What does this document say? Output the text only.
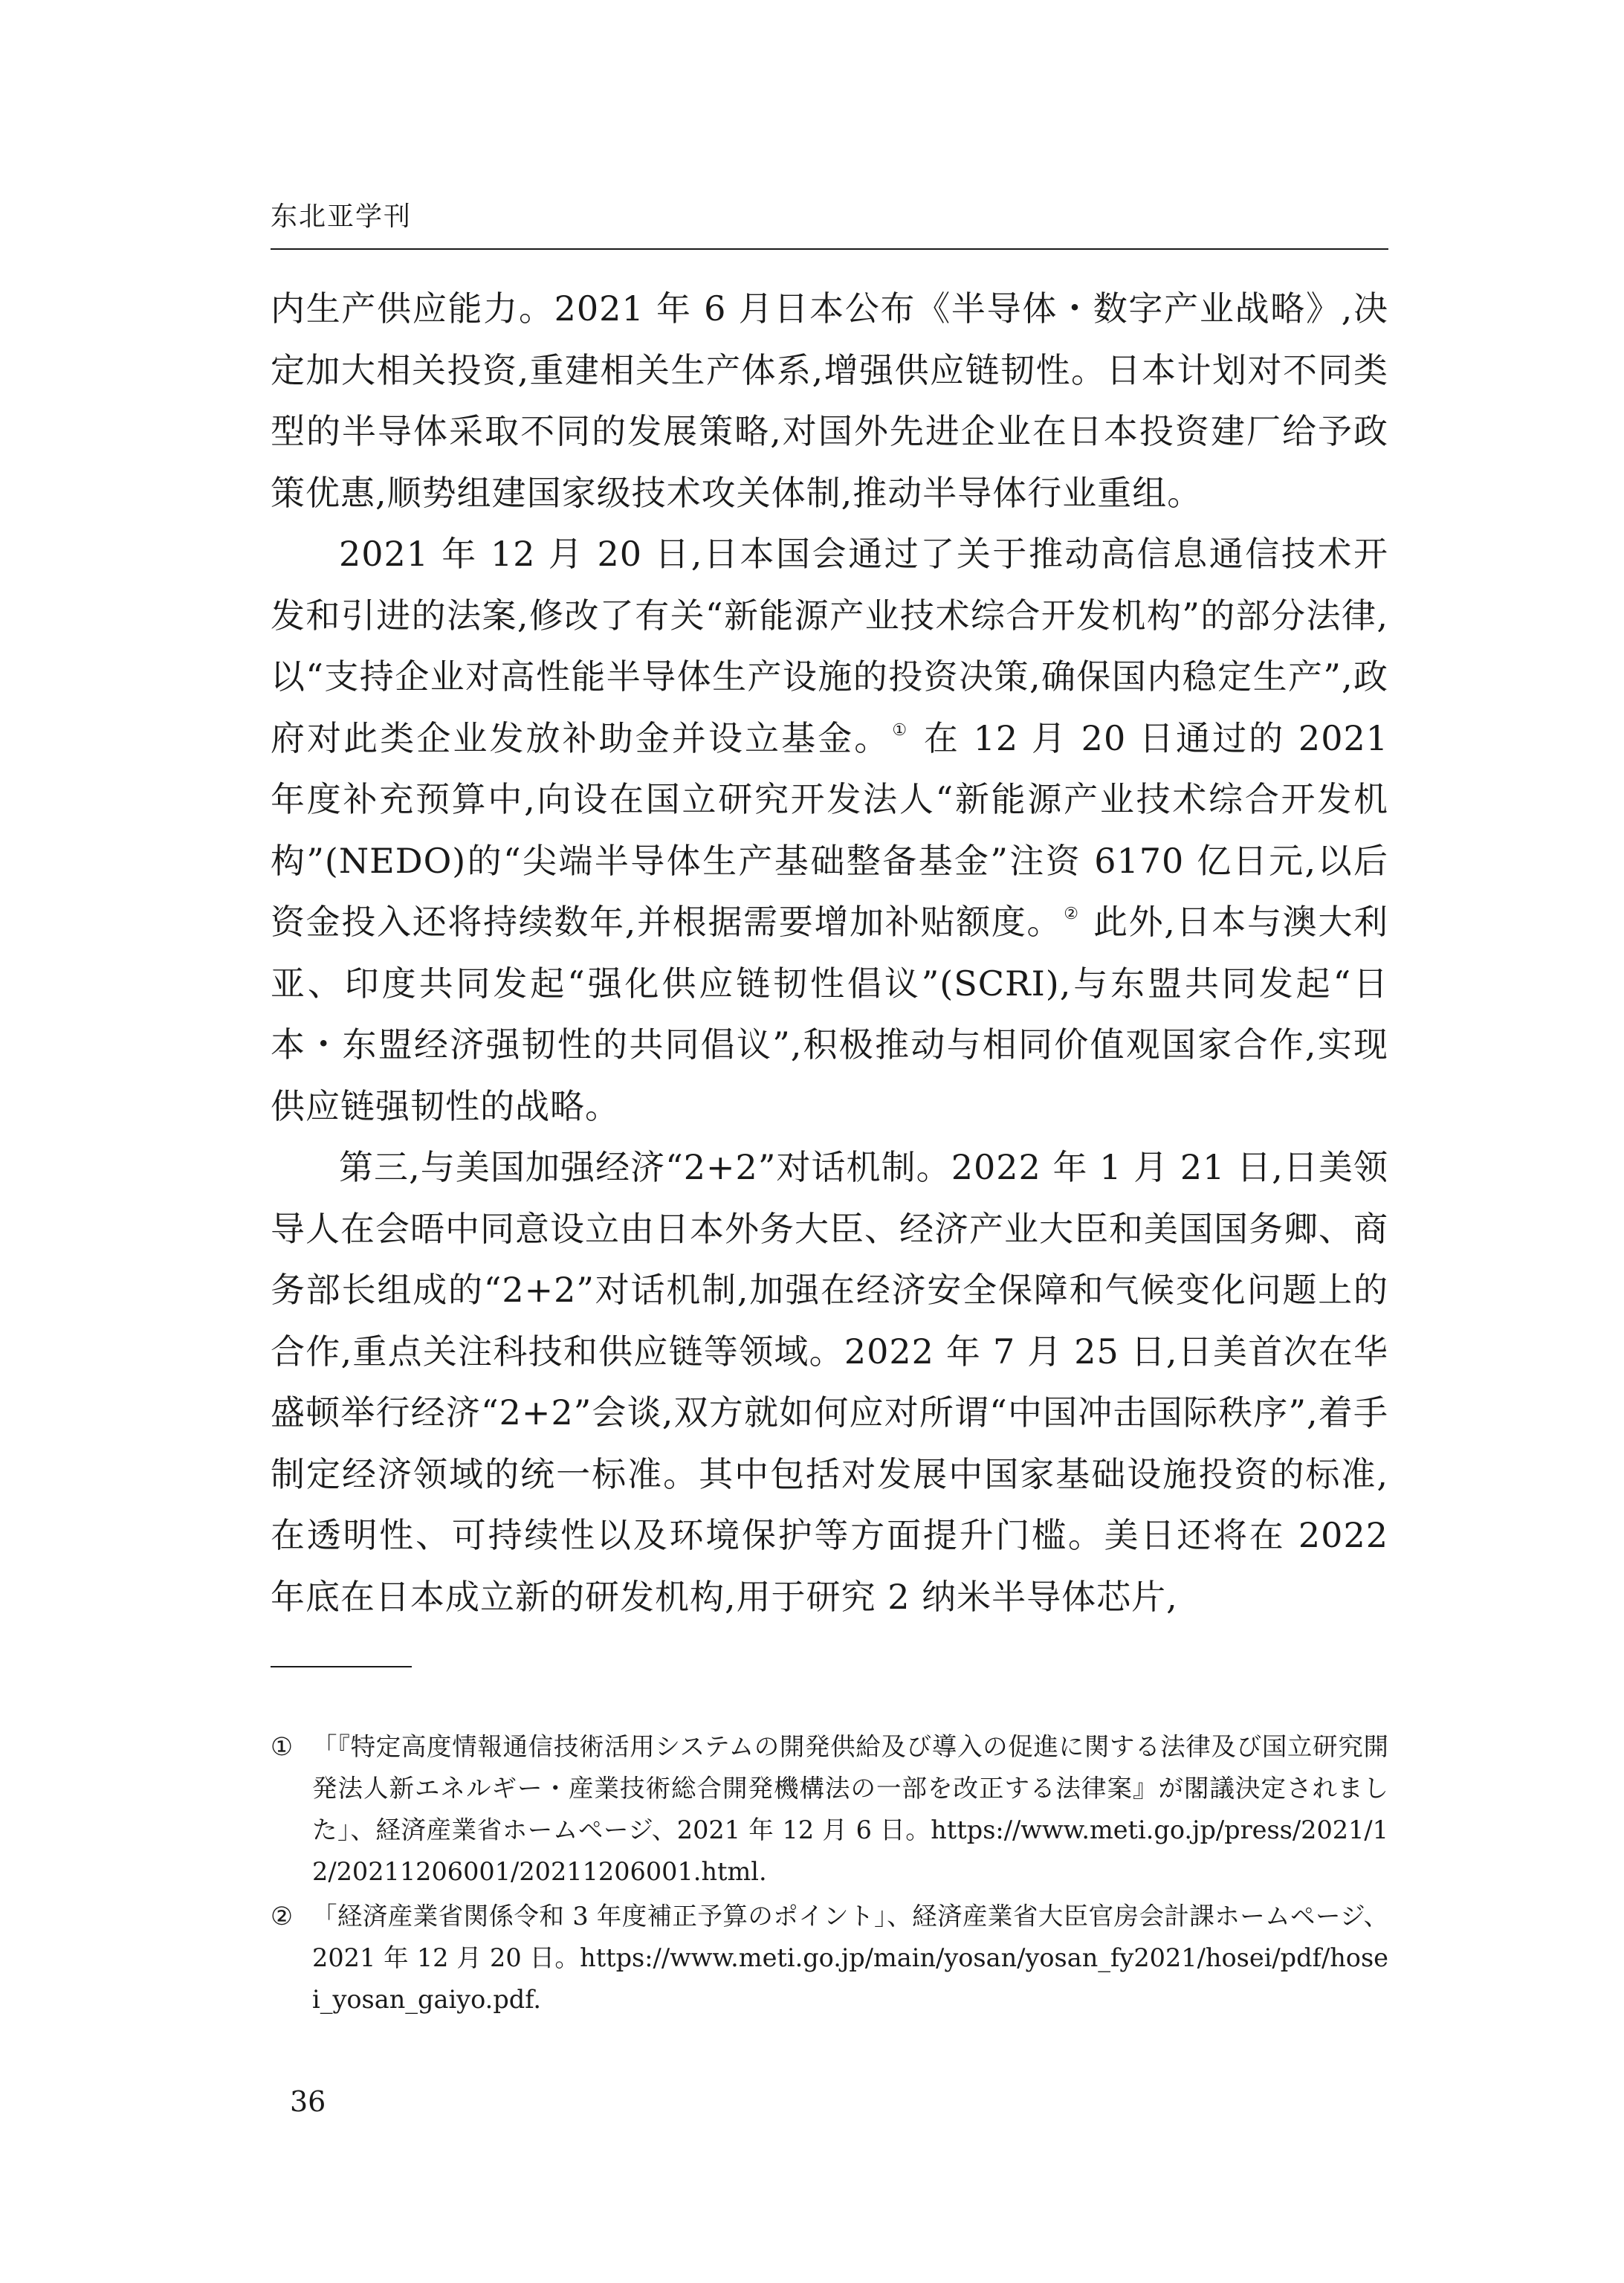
东北亚学刊

内生产供应能力。2021 年 6 月日本公布《半导体・数字产业战略》,决定加大相关投资,重建相关生产体系,增强供应链韧性。日本计划对不同类型的半导体采取不同的发展策略,对国外先进企业在日本投资建厂给予政策优惠,顺势组建国家级技术攻关体制,推动半导体行业重组。

2021 年 12 月 20 日,日本国会通过了关于推动高信息通信技术开发和引进的法案,修改了有关“新能源产业技术综合开发机构”的部分法律,以“支持企业对高性能半导体生产设施的投资决策,确保国内稳定生产”,政府对此类企业发放补助金并设立基金。① 在 12 月 20 日通过的 2021 年度补充预算中,向设在国立研究开发法人“新能源产业技术综合开发机构”(NEDO)的“尖端半导体生产基础整备基金”注资 6170 亿日元,以后资金投入还将持续数年,并根据需要增加补贴额度。② 此外,日本与澳大利亚、印度共同发起“强化供应链韧性倡议”(SCRI),与东盟共同发起“日本・东盟经济强韧性的共同倡议”,积极推动与相同价值观国家合作,实现供应链强韧性的战略。

第三,与美国加强经济“2+2”对话机制。2022 年 1 月 21 日,日美领导人在会晤中同意设立由日本外务大臣、经济产业大臣和美国国务卿、商务部长组成的“2+2”对话机制,加强在经济安全保障和气候变化问题上的合作,重点关注科技和供应链等领域。2022 年 7 月 25 日,日美首次在华盛顿举行经济“2+2”会谈,双方就如何应对所谓“中国冲击国际秩序”,着手制定经济领域的统一标准。其中包括对发展中国家基础设施投资的标准,在透明性、可持续性以及环境保护等方面提升门槛。美日还将在 2022 年底在日本成立新的研发机构,用于研究 2 纳米半导体芯片,

① 「『特定高度情報通信技術活用システムの開発供給及び導入の促進に関する法律及び国立研究開発法人新エネルギー・産業技術総合開発機構法の一部を改正する法律案』が閣議決定されました」、経済産業省ホームページ、2021 年 12 月 6 日。https://www.meti.go.jp/press/2021/12/20211206001/20211206001.html.
② 「経済産業省関係令和 3 年度補正予算のポイント」、経済産業省大臣官房会計課ホームページ、2021 年 12 月 20 日。https://www.meti.go.jp/main/yosan/yosan_fy2021/hosei/pdf/hosei_yosan_gaiyo.pdf.
36
